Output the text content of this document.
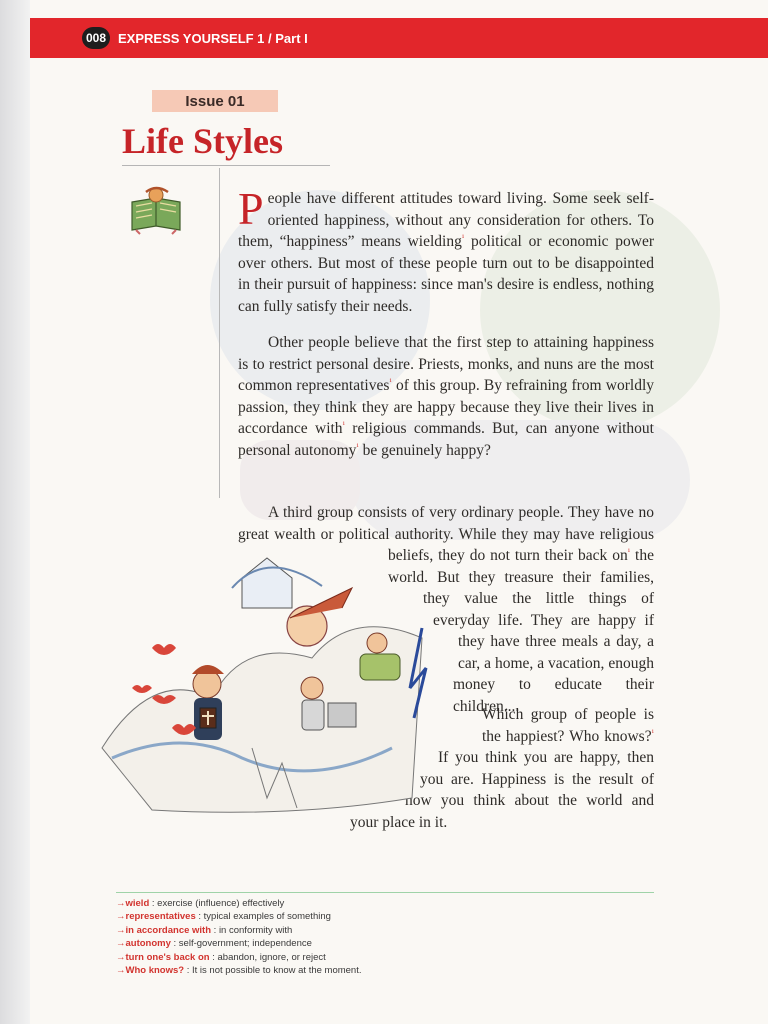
008 EXPRESS YOURSELF 1 / Part I
Issue 01
Life Styles
People have different attitudes toward living. Some seek self-oriented happiness, without any consideration for others. To them, “happiness” means wielding$^{^1}$ political or economic power over others. But most of these people turn out to be disappointed in their pursuit of happiness: since man's desire is endless, nothing can fully satisfy their needs.
Other people believe that the first step to attaining happiness is to restrict personal desire. Priests, monks, and nuns are the most common representatives$^{^1}$ of this group. By refraining from worldly passion, they think they are happy because they live their lives in accordance with$^{^1}$ religious commands. But, can anyone without personal autonomy$^{^1}$ be genuinely happy?
A third group consists of very ordinary people. They have no great wealth or political authority. While they may have religious beliefs, they do not turn their back $on^{^1}$ the world. But they treasure their families, they value the little things of everyday life. They are happy if they have three meals a day, a car, a home, a vacation, enough money to educate their children....
Which group of people is the happiest? Who knows?$^{^1}$ If you think you are happy, then you are. Happiness is the result of how you think about the world and your place in it.
→wield : exercise (influence) effectively
→representatives : typical examples of something
→in accordance with : in conformity with
→autonomy : self-government; independence
→turn one's back on : abandon, ignore, or reject
→Who knows? : It is not possible to know at the moment.
